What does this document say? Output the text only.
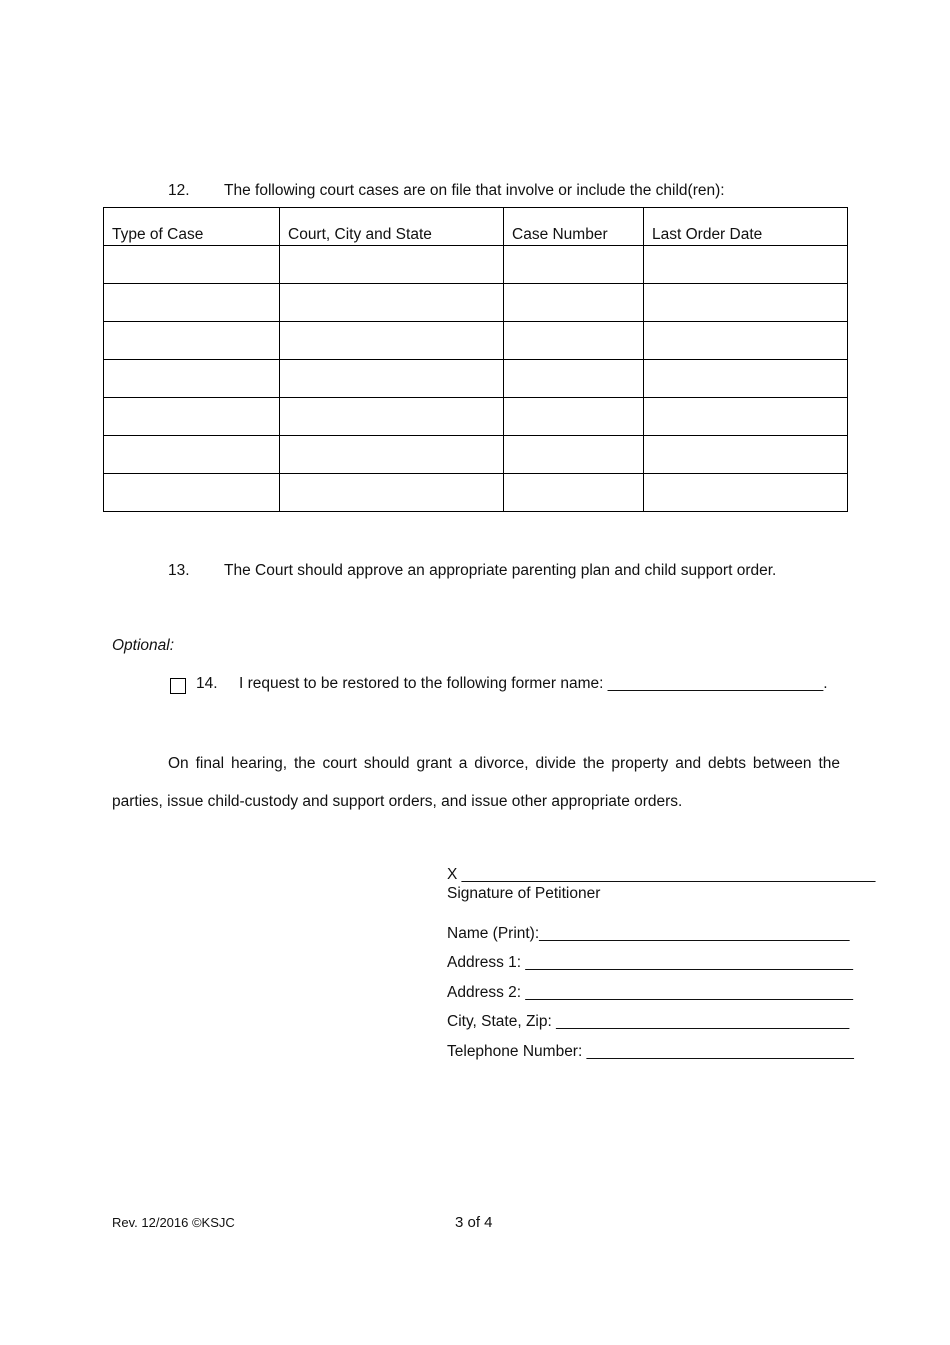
12. The following court cases are on file that involve or include the child(ren):
Type of Case	Court, City and State	Case Number	Last Order Date

13. The Court should approve an appropriate parenting plan and child support order.
Optional:
14. I request to be restored to the following former name: _________________________.
On final hearing, the court should grant a divorce, divide the property and debts between the parties, issue child-custody and support orders, and issue other appropriate orders.
X ________________________________________________
Signature of Petitioner
Name (Print):____________________________________
Address 1: ______________________________________
Address 2: ______________________________________
City, State, Zip: __________________________________
Telephone Number: _______________________________
Rev. 12/2016 ©KSJC	3 of 4
